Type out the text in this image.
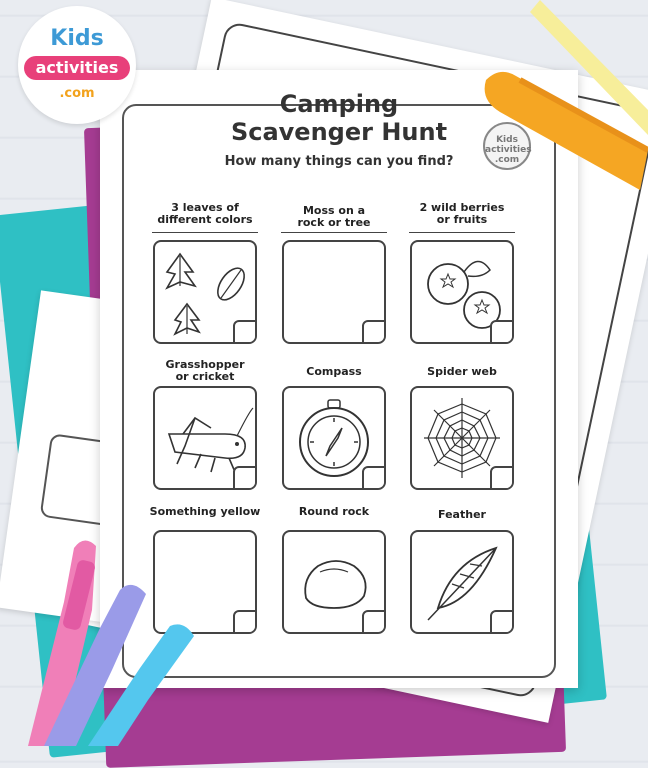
Camping
Scavenger Hunt
How many things can you find?
Kids
activities
.com
3 leaves of
different colors
Moss on a
rock or tree
2 wild berries
or fruits
Grasshopper
or cricket	Compass	Spider web
Something yellow	Round rock	Feather
Kids
activities
.com
